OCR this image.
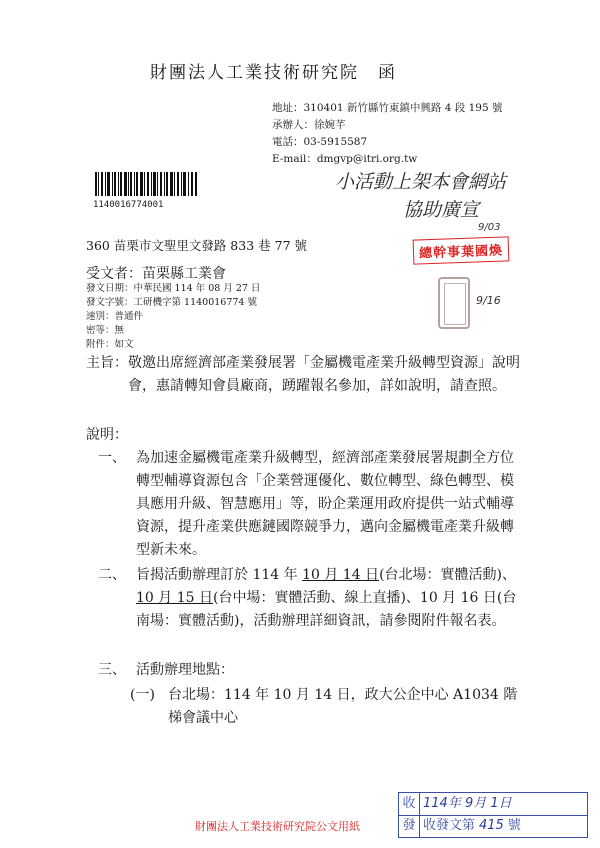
財團法人工業技術研究院　函
地址：310401 新竹縣竹東鎮中興路 4 段 195 號
承辦人：徐婉芊
電話：03-5915587
E-mail：dmgvp@itri.org.tw
1140016774001
小活動上架本會網站
協助廣宣
9/03
總幹事葉國煥
9/16
360 苗栗市文聖里文發路 833 巷 77 號
受文者：苗栗縣工業會
發文日期：中華民國 114 年 08 月 27 日
發文字號：工研機字第 1140016774 號
速別：普通件
密等：無
附件：如文
主旨： 敬邀出席經濟部產業發展署「金屬機電產業升級轉型資源」說明會，惠請轉知會員廠商，踴躍報名參加，詳如說明，請查照。
說明：
一、 為加速金屬機電產業升級轉型，經濟部產業發展署規劃全方位轉型輔導資源包含「企業營運優化、數位轉型、綠色轉型、模具應用升級、智慧應用」等，盼企業運用政府提供一站式輔導資源，提升產業供應鏈國際競爭力，邁向金屬機電產業升級轉型新未來。
二、 旨揭活動辦理訂於 114 年 10 月 14 日(台北場：實體活動)、10 月 15 日(台中場：實體活動、線上直播)、10 月 16 日(台南場：實體活動)，活動辦理詳細資訊，請參閱附件報名表。
三、 活動辦理地點：
(一) 台北場：114 年 10 月 14 日，政大公企中心 A1034 階梯會議中心
財團法人工業技術研究院公文用紙
收
發
114年 9月 1日
收發文第 415 號
